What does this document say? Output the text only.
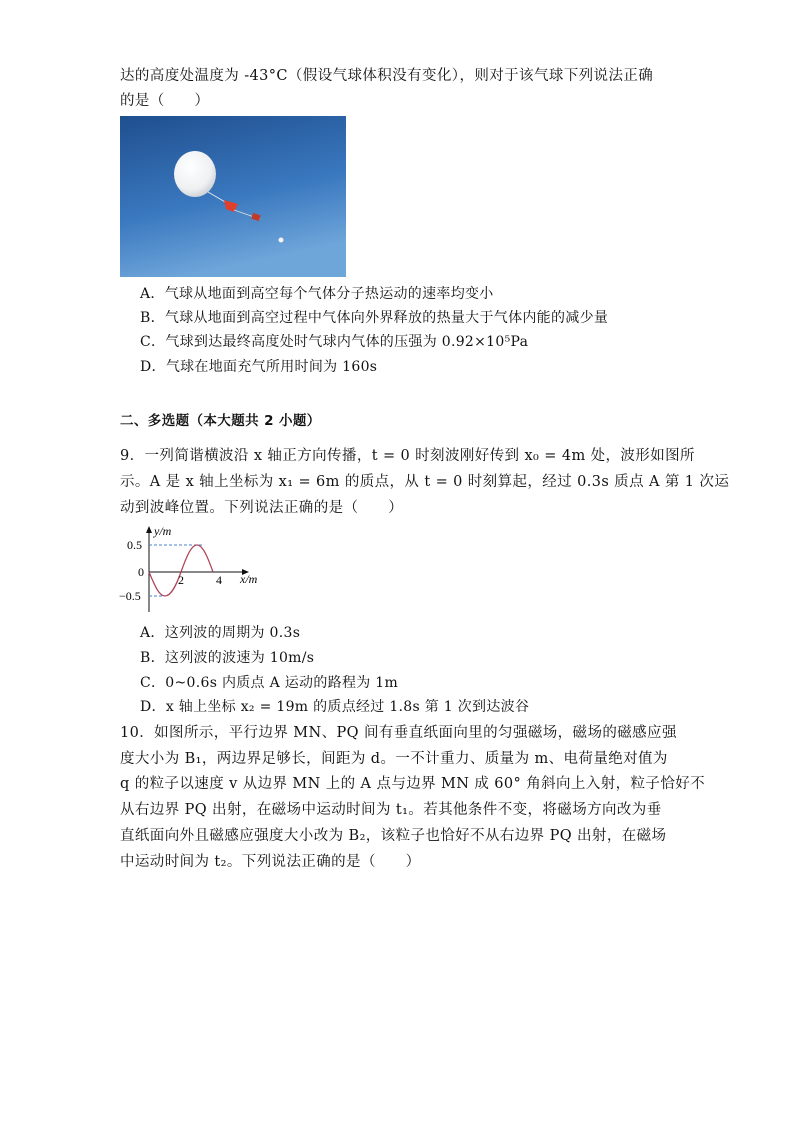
达的高度处温度为 -43°C（假设气球体积没有变化），则对于该气球下列说法正确
的是（　　）
A．气球从地面到高空每个气体分子热运动的速率均变小
B．气球从地面到高空过程中气体向外界释放的热量大于气体内能的减少量
C．气球到达最终高度处时气球内气体的压强为 0.92×10⁵Pa
D．气球在地面充气所用时间为 160s
二、多选题（本大题共 2 小题）
9．一列简谐横波沿 x 轴正方向传播，t = 0 时刻波刚好传到 x₀ = 4m 处，波形如图所
示。A 是 x 轴上坐标为 x₁ = 6m 的质点，从 t = 0 时刻算起，经过 0.3s 质点 A 第 1 次运
动到波峰位置。下列说法正确的是（　　）
y/m
x/m
0.5
0
−0.5
2	4
A．这列波的周期为 0.3s
B．这列波的波速为 10m/s
C．0~0.6s 内质点 A 运动的路程为 1m
D．x 轴上坐标 x₂ = 19m 的质点经过 1.8s 第 1 次到达波谷
10．如图所示，平行边界 MN、PQ 间有垂直纸面向里的匀强磁场，磁场的磁感应强
度大小为 B₁，两边界足够长，间距为 d。一不计重力、质量为 m、电荷量绝对值为
q 的粒子以速度 v 从边界 MN 上的 A 点与边界 MN 成 60° 角斜向上入射，粒子恰好不
从右边界 PQ 出射，在磁场中运动时间为 t₁。若其他条件不变，将磁场方向改为垂
直纸面向外且磁感应强度大小改为 B₂，该粒子也恰好不从右边界 PQ 出射，在磁场
中运动时间为 t₂。下列说法正确的是（　　）
